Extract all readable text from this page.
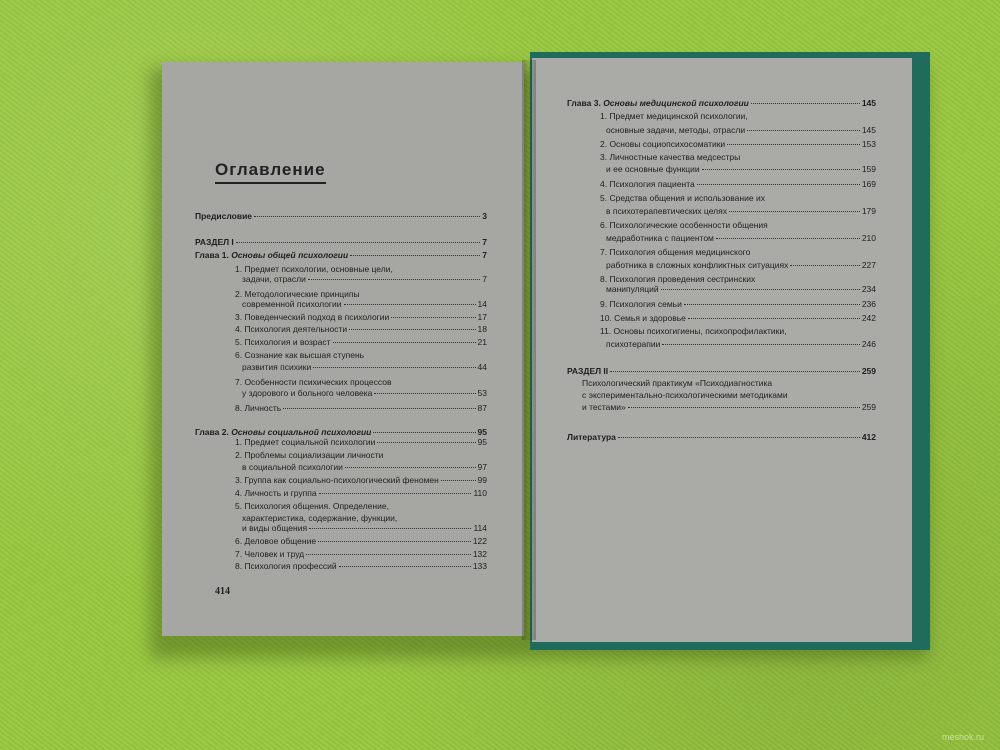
Оглавление
414
meshok.ru
Предисловие	3
РАЗДЕЛ I	7
Глава 1. Основы общей психологии	7
1. Предмет психологии, основные цели,
задачи, отрасли	7
2. Методологические принципы
современной психологии	14
3. Поведенческий подход в психологии	17
4. Психология деятельности	18
5. Психология и возраст	21
6. Сознание как высшая ступень
развития психики	44
7. Особенности психических процессов
у здорового и больного человека	53
8. Личность	87
Глава 2. Основы социальной психологии	95
1. Предмет социальной психологии	95
2. Проблемы социализации личности
в социальной психологии	97
3. Группа как социально-психологический феномен	99
4. Личность и группа	110
5. Психология общения. Определение,
характеристика, содержание, функции,
и виды общения	114
6. Деловое общение	122
7. Человек и труд	132
8. Психология профессий	133
Глава 3. Основы медицинской психологии	145
1. Предмет медицинской психологии,
основные задачи, методы, отрасли	145
2. Основы социопсихосоматики	153
3. Личностные качества медсестры
и ее основные функции	159
4. Психология пациента	169
5. Средства общения и использование их
в психотерапевтических целях	179
6. Психологические особенности общения
медработника с пациентом	210
7. Психология общения медицинского
работника в сложных конфликтных ситуациях	227
8. Психология проведения сестринских
манипуляций	234
9. Психология семьи	236
10. Семья и здоровье	242
11. Основы психогигиены, психопрофилактики,
психотерапии	246
РАЗДЕЛ II	259
Психологический практикум «Психодиагностика
с экспериментально-психологическими методиками
и тестами»	259
Литература	412
